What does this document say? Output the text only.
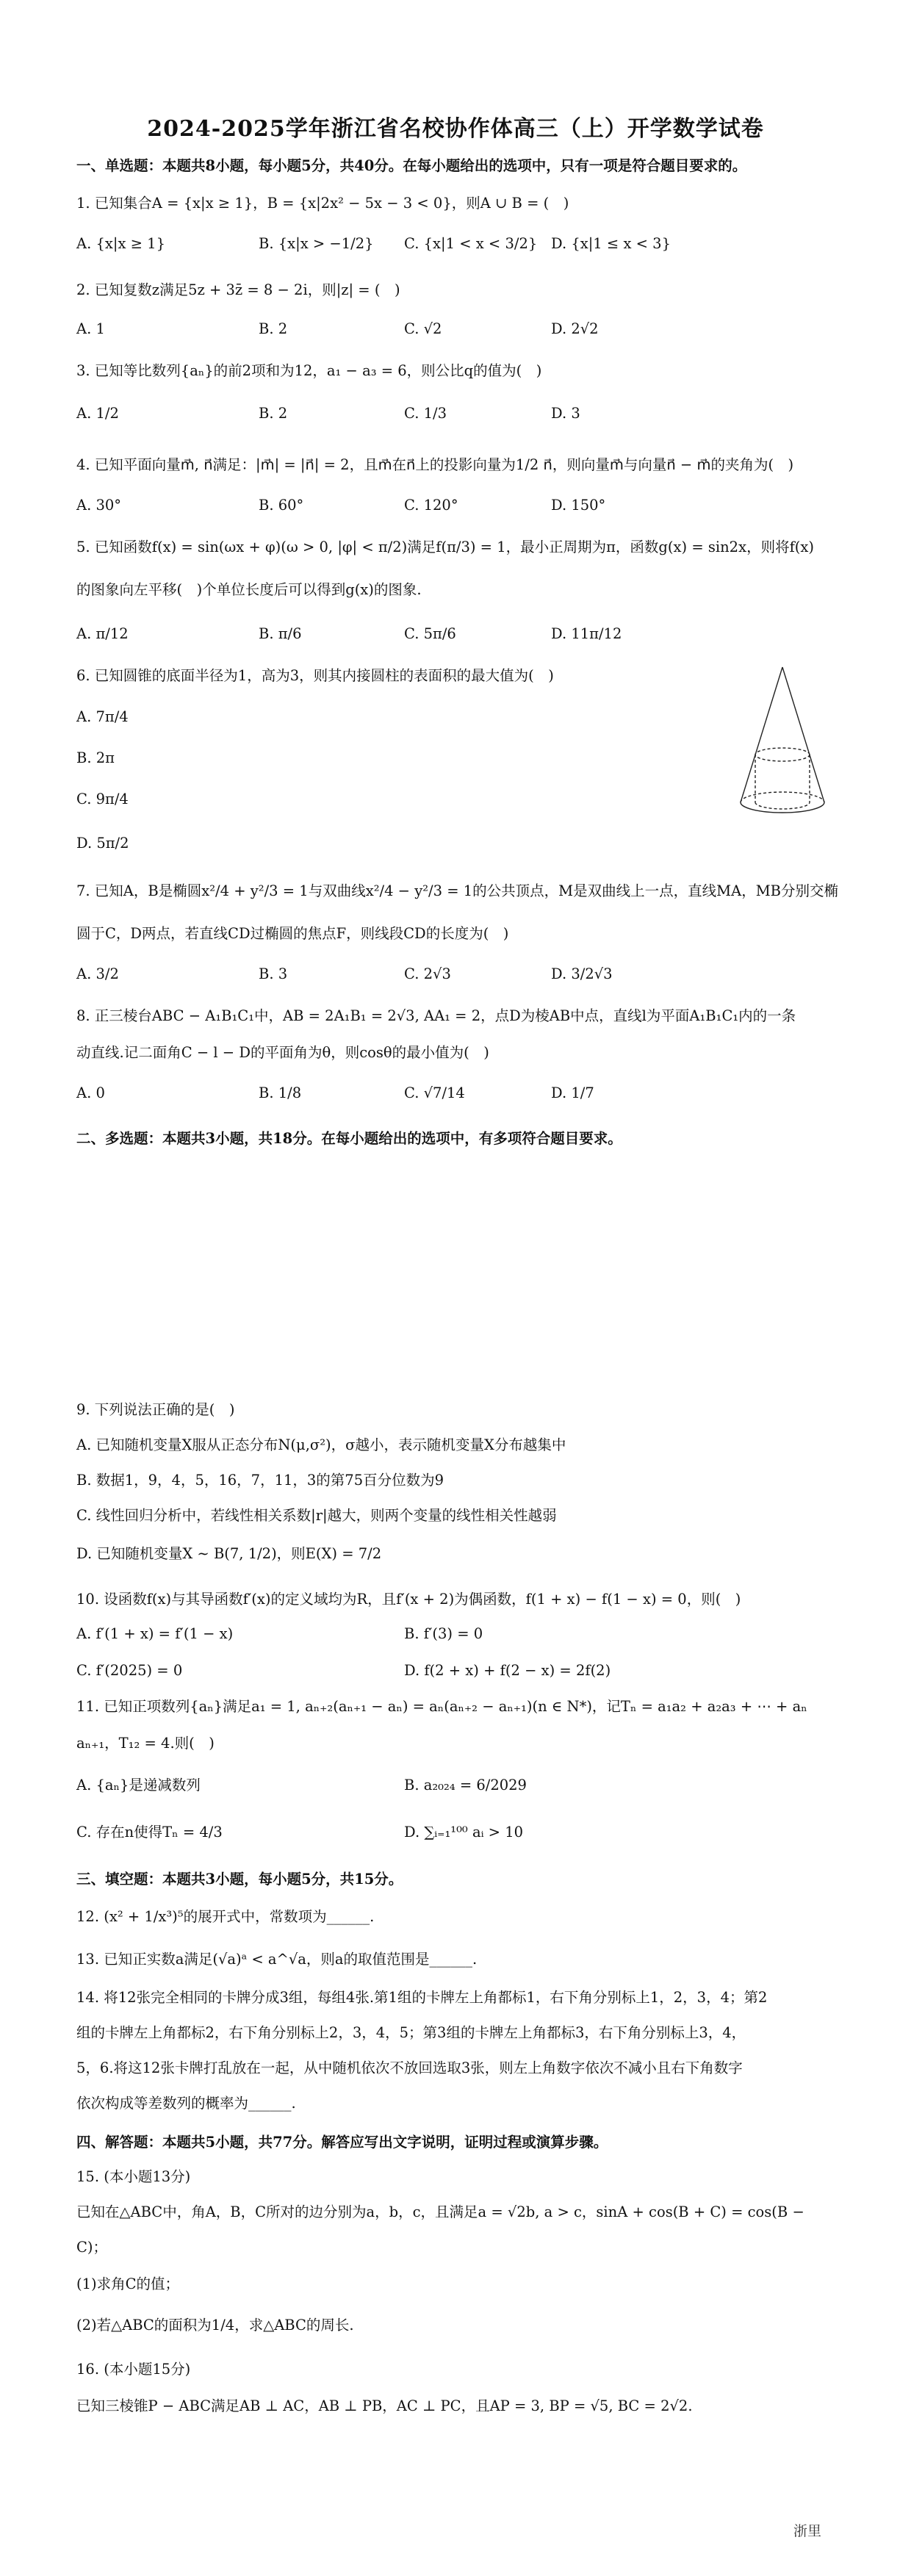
2024-2025学年浙江省名校协作体高三（上）开学数学试卷
一、单选题：本题共8小题，每小题5分，共40分。在每小题给出的选项中，只有一项是符合题目要求的。
1. 已知集合A = {x|x ≥ 1}，B = {x|2x² − 5x − 3 < 0}，则A ∪ B = (　)
A. {x|x ≥ 1}	B. {x|x > −1/2} C. {x|1 < x < 3/2} D. {x|1 ≤ x < 3}
2. 已知复数z满足5z + 3z̄ = 8 − 2i，则|z| = (　)
A. 1	B. 2	C. √2	D. 2√2
3. 已知等比数列{aₙ}的前2项和为12，a₁ − a₃ = 6，则公比q的值为(　)
A. 1/2	B. 2	C. 1/3	D. 3
4. 已知平面向量m⃗, n⃗满足：|m⃗| = |n⃗| = 2，且m⃗在n⃗上的投影向量为1/2 n⃗，则向量m⃗与向量n⃗ − m⃗的夹角为(　)
A. 30°	B. 60°	C. 120°	D. 150°
5. 已知函数f(x) = sin(ωx + φ)(ω > 0, |φ| < π/2)满足f(π/3) = 1，最小正周期为π，函数g(x) = sin2x，则将f(x)
的图象向左平移(　)个单位长度后可以得到g(x)的图象.
A. π/12	B. π/6	C. 5π/6	D. 11π/12
6. 已知圆锥的底面半径为1，高为3，则其内接圆柱的表面积的最大值为(　)
A. 7π/4
B. 2π
C. 9π/4
D. 5π/2
7. 已知A，B是椭圆x²/4 + y²/3 = 1与双曲线x²/4 − y²/3 = 1的公共顶点，M是双曲线上一点，直线MA，MB分别交椭
圆于C，D两点，若直线CD过椭圆的焦点F，则线段CD的长度为(　)
A. 3/2	B. 3	C. 2√3	D. 3/2√3
8. 正三棱台ABC − A₁B₁C₁中，AB = 2A₁B₁ = 2√3, AA₁ = 2，点D为棱AB中点，直线l为平面A₁B₁C₁内的一条
动直线.记二面角C − l − D的平面角为θ，则cosθ的最小值为(　)
A. 0	B. 1/8	C. √7/14	D. 1/7
二、多选题：本题共3小题，共18分。在每小题给出的选项中，有多项符合题目要求。
9. 下列说法正确的是(　)
A. 已知随机变量X服从正态分布N(μ,σ²)，σ越小，表示随机变量X分布越集中
B. 数据1，9，4，5，16，7，11，3的第75百分位数为9
C. 线性回归分析中，若线性相关系数|r|越大，则两个变量的线性相关性越弱
D. 已知随机变量X ∼ B(7, 1/2)，则E(X) = 7/2
10. 设函数f(x)与其导函数f′(x)的定义域均为R，且f′(x + 2)为偶函数，f(1 + x) − f(1 − x) = 0，则(　)
A. f′(1 + x) = f′(1 − x)	B. f′(3) = 0
C. f′(2025) = 0	D. f(2 + x) + f(2 − x) = 2f(2)
11. 已知正项数列{aₙ}满足a₁ = 1, aₙ₊₂(aₙ₊₁ − aₙ) = aₙ(aₙ₊₂ − aₙ₊₁)(n ∈ N*)，记Tₙ = a₁a₂ + a₂a₃ + ⋯ + aₙ
aₙ₊₁，T₁₂ = 4.则(　)
A. {aₙ}是递减数列	B. a₂₀₂₄ = 6/2029
C. 存在n使得Tₙ = 4/3	D. ∑ᵢ₌₁¹⁰⁰ aᵢ > 10
三、填空题：本题共3小题，每小题5分，共15分。
12. (x² + 1/x³)⁵的展开式中，常数项为______.
13. 已知正实数a满足(√a)ᵃ < a^√a，则a的取值范围是______.
14. 将12张完全相同的卡牌分成3组，每组4张.第1组的卡牌左上角都标1，右下角分别标上1，2，3，4；第2
组的卡牌左上角都标2，右下角分别标上2，3，4，5；第3组的卡牌左上角都标3，右下角分别标上3，4，
5，6.将这12张卡牌打乱放在一起，从中随机依次不放回选取3张，则左上角数字依次不减小且右下角数字
依次构成等差数列的概率为______.
四、解答题：本题共5小题，共77分。解答应写出文字说明，证明过程或演算步骤。
15. (本小题13分)
已知在△ABC中，角A，B，C所对的边分别为a，b，c，且满足a = √2b, a > c，sinA + cos(B + C) = cos(B −
C)；
(1)求角C的值；
(2)若△ABC的面积为1/4，求△ABC的周长.
16. (本小题15分)
已知三棱锥P − ABC满足AB ⊥ AC，AB ⊥ PB，AC ⊥ PC，且AP = 3, BP = √5, BC = 2√2.
浙里
